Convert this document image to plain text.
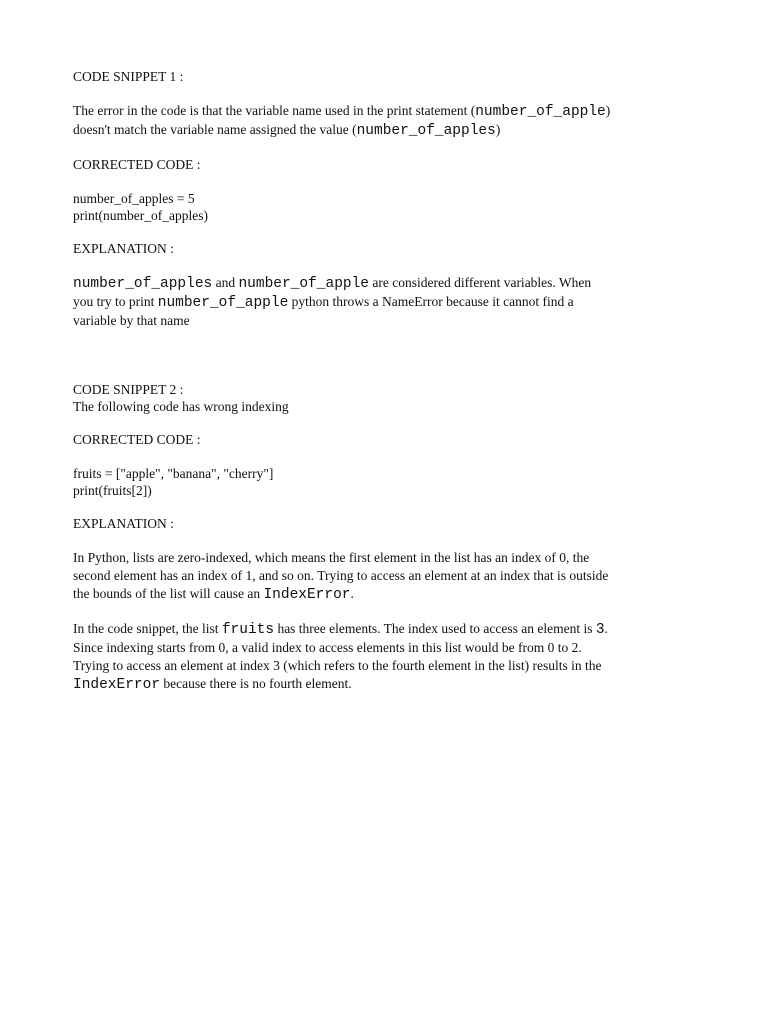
CODE SNIPPET 1 :

The error in the code is that the variable name used in the print statement (number_of_apple)
doesn't match the variable name assigned the value (number_of_apples)

CORRECTED CODE :

number_of_apples = 5
print(number_of_apples)

EXPLANATION :

number_of_apples and number_of_apple are considered different variables. When
you try to print number_of_apple python throws a NameError because it cannot find a
variable by that name

CODE SNIPPET 2 :
The following code has wrong indexing

CORRECTED CODE :

fruits = ["apple", "banana", "cherry"]
print(fruits[2])

EXPLANATION :

In Python, lists are zero-indexed, which means the first element in the list has an index of 0, the
second element has an index of 1, and so on. Trying to access an element at an index that is outside
the bounds of the list will cause an IndexError.

In the code snippet, the list fruits has three elements. The index used to access an element is 3.
Since indexing starts from 0, a valid index to access elements in this list would be from 0 to 2.
Trying to access an element at index 3 (which refers to the fourth element in the list) results in the
IndexError because there is no fourth element.
